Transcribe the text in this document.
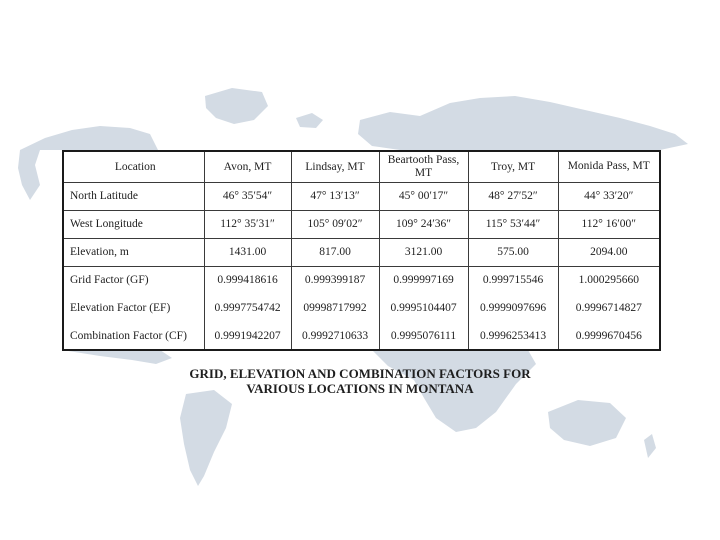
Location	Avon, MT	Lindsay, MT	Beartooth Pass, MT	Troy, MT	Monida Pass, MT
North Latitude	46° 35′54″	47° 13′13″	45° 00′17″	48° 27′52″	44° 33′20″
West Longitude	112° 35′31″	105° 09′02″	109° 24′36″	115° 53′44″	112° 16′00″
Elevation, m	1431.00	817.00	3121.00	575.00	2094.00
Grid Factor (GF)	0.999418616	0.999399187	0.999997169	0.999715546	1.000295660
Elevation Factor (EF)	0.9997754742	09998717992	0.9995104407	0.9999097696	0.9996714827
Combination Factor (CF)	0.9991942207	0.9992710633	0.9995076111	0.9996253413	0.9999670456
GRID, ELEVATION AND COMBINATION FACTORS FOR
VARIOUS LOCATIONS IN MONTANA
